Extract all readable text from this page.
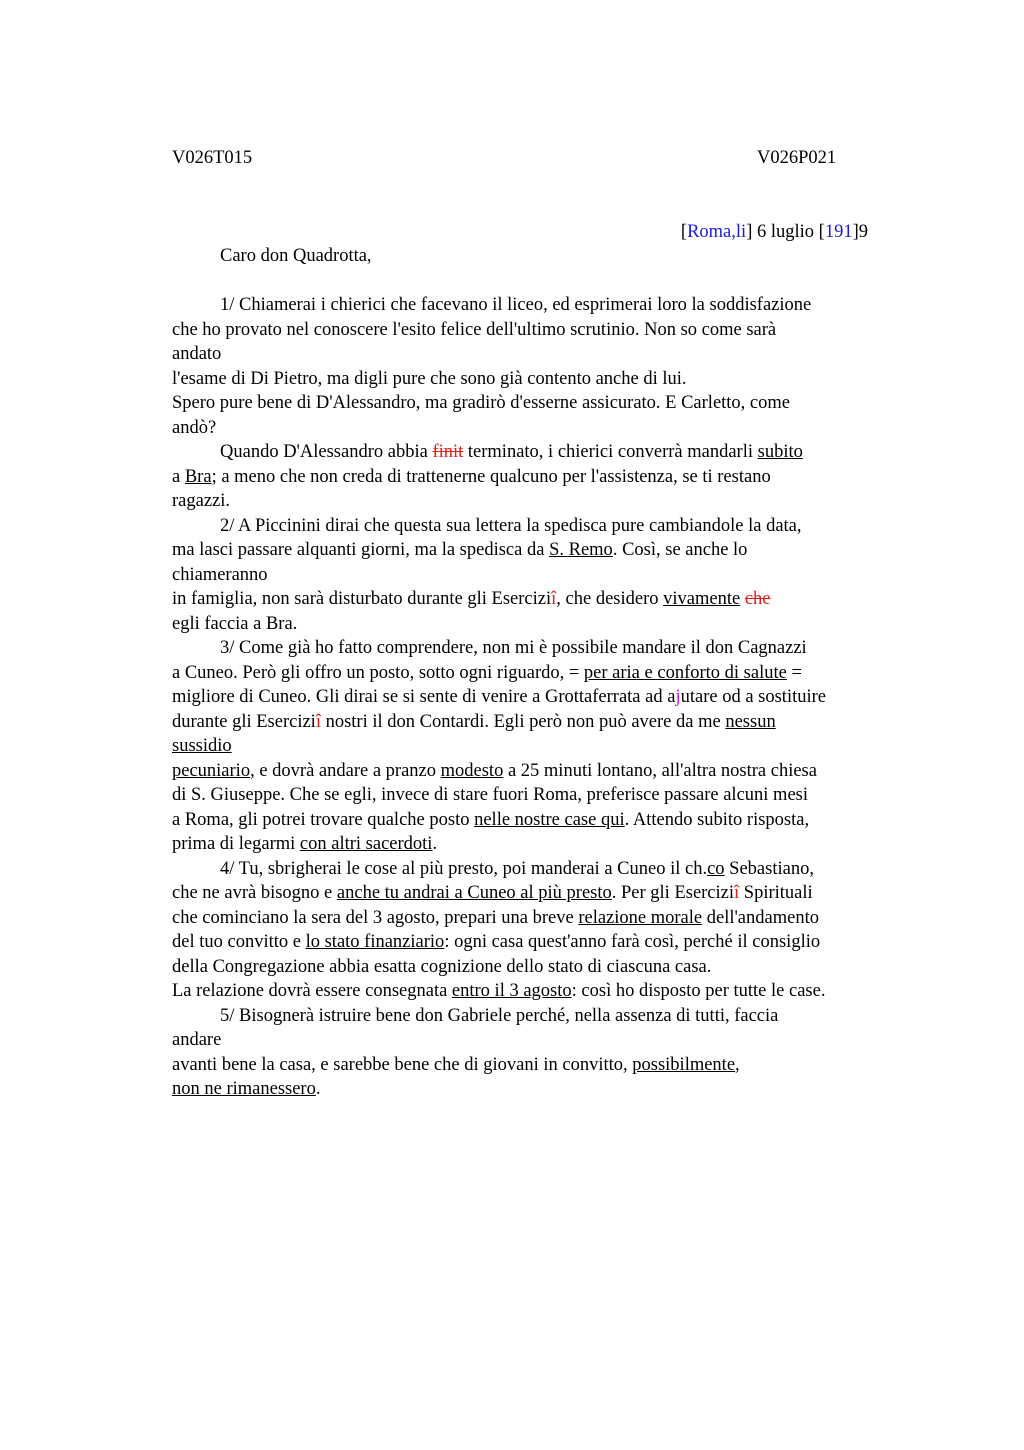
V026T015	V026P021
[Roma,li] 6 luglio [191]9
Caro don Quadrotta,
1/ Chiamerai i chierici che facevano il liceo, ed esprimerai loro la soddisfazione
che ho provato nel conoscere l'esito felice dell'ultimo scrutinio. Non so come sarà
andato
l'esame di Di Pietro, ma digli pure che sono già contento anche di lui.
Spero pure bene di D'Alessandro, ma gradirò d'esserne assicurato. E Carletto, come
andò?
Quando D'Alessandro abbia finit terminato, i chierici converrà mandarli subito
a Bra; a meno che non creda di trattenerne qualcuno per l'assistenza, se ti restano
ragazzi.
2/ A Piccinini dirai che questa sua lettera la spedisca pure cambiandole la data,
ma lasci passare alquanti giorni, ma la spedisca da S. Remo. Così, se anche lo
chiameranno
in famiglia, non sarà disturbato durante gli Eserciziî, che desidero vivamente che
egli faccia a Bra.
3/ Come già ho fatto comprendere, non mi è possibile mandare il don Cagnazzi
a Cuneo. Però gli offro un posto, sotto ogni riguardo, = per aria e conforto di salute =
migliore di Cuneo. Gli dirai se si sente di venire a Grottaferrata ad ajutare od a sostituire
durante gli Eserciziî nostri il don Contardi. Egli però non può avere da me nessun
sussidio
pecuniario, e dovrà andare a pranzo modesto a 25 minuti lontano, all'altra nostra chiesa
di S. Giuseppe. Che se egli, invece di stare fuori Roma, preferisce passare alcuni mesi
a Roma, gli potrei trovare qualche posto nelle nostre case qui. Attendo subito risposta,
prima di legarmi con altri sacerdoti.
4/ Tu, sbrigherai le cose al più presto, poi manderai a Cuneo il ch.co Sebastiano,
che ne avrà bisogno e anche tu andrai a Cuneo al più presto. Per gli Eserciziî Spirituali
che cominciano la sera del 3 agosto, prepari una breve relazione morale dell'andamento
del tuo convitto e lo stato finanziario: ogni casa quest'anno farà così, perché il consiglio
della Congregazione abbia esatta cognizione dello stato di ciascuna casa.
La relazione dovrà essere consegnata entro il 3 agosto: così ho disposto per tutte le case.
5/ Bisognerà istruire bene don Gabriele perché, nella assenza di tutti, faccia
andare
avanti bene la casa, e sarebbe bene che di giovani in convitto, possibilmente,
non ne rimanessero.
